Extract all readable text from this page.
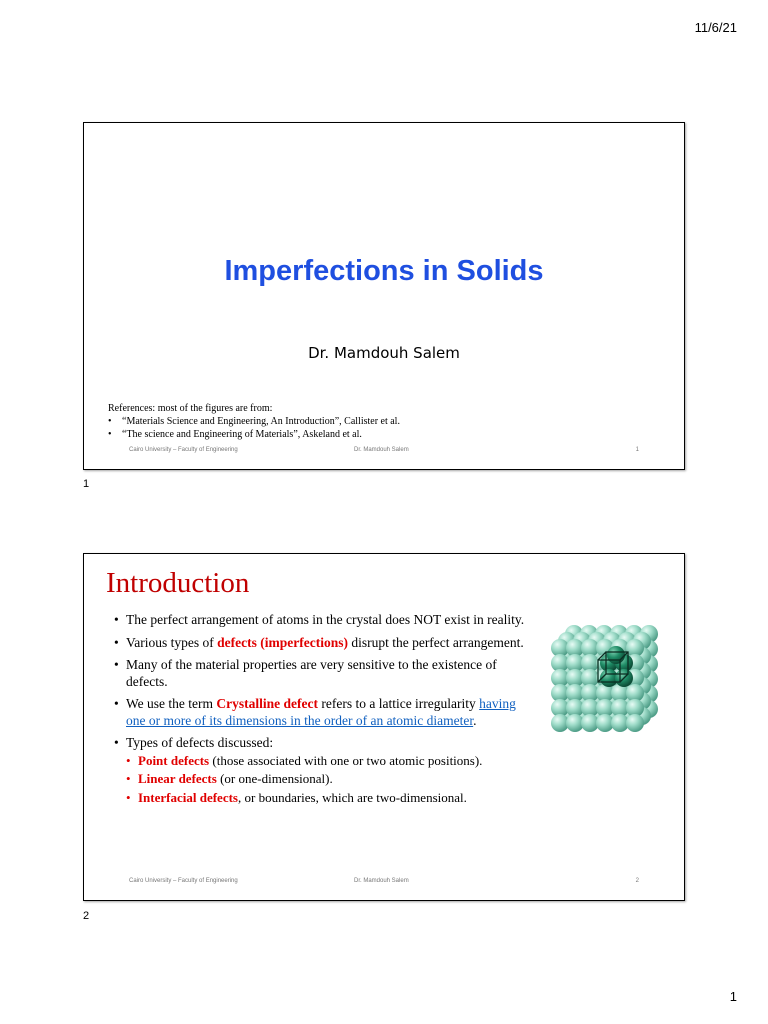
11/6/21
Imperfections in Solids
Dr. Mamdouh Salem
References: most of the figures are from:
• “Materials Science and Engineering, An Introduction”, Callister et al.
• “The science and Engineering of Materials”, Askeland et al.
Cairo University – Faculty of Engineering	Dr. Mamdouh Salem	1
1
Introduction
• The perfect arrangement of atoms in the crystal does NOT exist in reality.
• Various types of defects (imperfections) disrupt the perfect arrangement.
• Many of the material properties are very sensitive to the existence of defects.
• We use the term Crystalline defect refers to a lattice irregularity having one or more of its dimensions in the order of an atomic diameter.
• Types of defects discussed:
• Point defects (those associated with one or two atomic positions).
• Linear defects (or one-dimensional).
• Interfacial defects, or boundaries, which are two-dimensional.
Cairo University – Faculty of Engineering	Dr. Mamdouh Salem	2
2
1
